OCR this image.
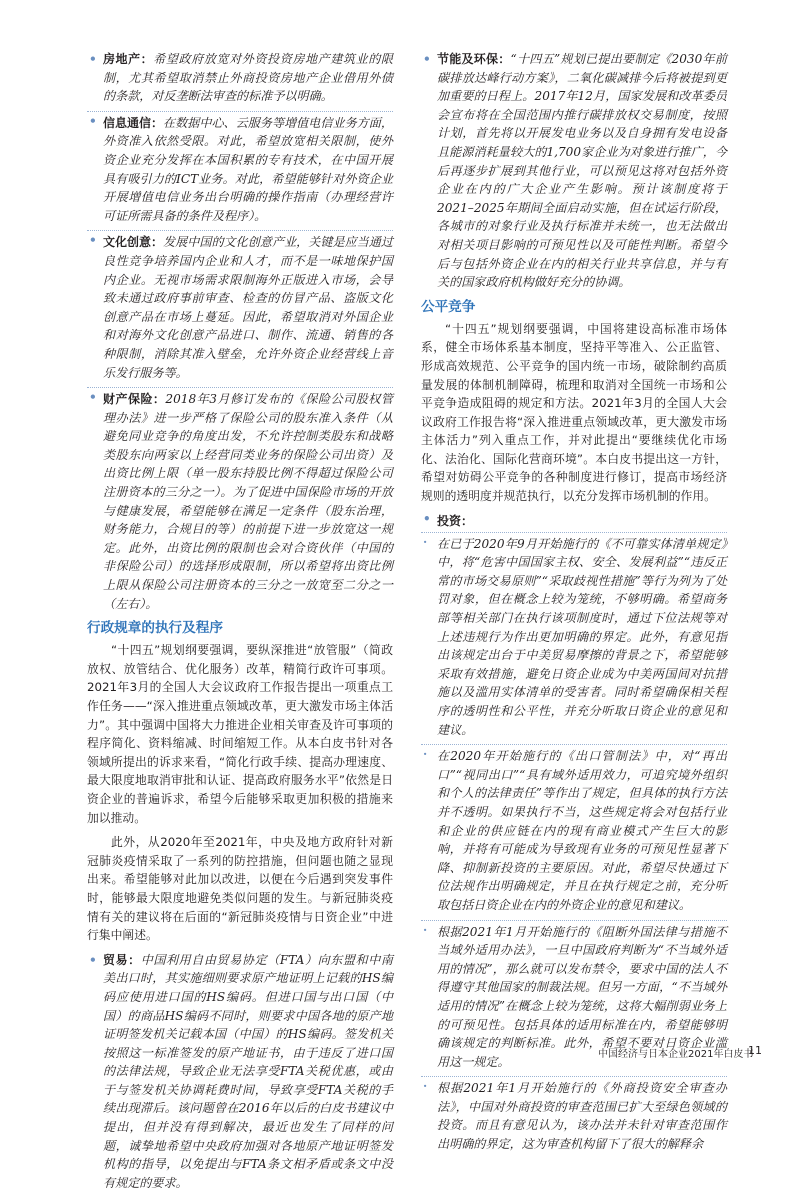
• 房地产：希望政府放宽对外资投资房地产建筑业的限制，尤其希望取消禁止外商投资房地产企业借用外债的条款，对反垄断法审查的标准予以明确。
• 信息通信：在数据中心、云服务等增值电信业务方面，外资准入依然受限。对此，希望放宽相关限制，使外资企业充分发挥在本国积累的专有技术，在中国开展具有吸引力的ICT业务。对此，希望能够针对外资企业开展增值电信业务出台明确的操作指南（办理经营许可证所需具备的条件及程序）。
• 文化创意：发展中国的文化创意产业，关键是应当通过良性竞争培养国内企业和人才，而不是一味地保护国内企业。无视市场需求限制海外正版进入市场，会导致未通过政府事前审查、检查的仿冒产品、盗版文化创意产品在市场上蔓延。因此，希望取消对外国企业和对海外文化创意产品进口、制作、流通、销售的各种限制，消除其准入壁垒，允许外资企业经营线上音乐发行服务等。
• 财产保险：2018年3月修订发布的《保险公司股权管理办法》进一步严格了保险公司的股东准入条件（从避免同业竞争的角度出发，不允许控制类股东和战略类股东向两家以上经营同类业务的保险公司出资）及出资比例上限（单一股东持股比例不得超过保险公司注册资本的三分之一）。为了促进中国保险市场的开放与健康发展，希望能够在满足一定条件（股东治理，财务能力，合规目的等）的前提下进一步放宽这一规定。此外，出资比例的限制也会对合资伙伴（中国的非保险公司）的选择形成限制，所以希望将出资比例上限从保险公司注册资本的三分之一放宽至二分之一（左右）。
行政规章的执行及程序

“十四五”规划纲要强调，要纵深推进“放管服”（简政放权、放管结合、优化服务）改革，精简行政许可事项。2021年3月的全国人大会议政府工作报告提出一项重点工作任务——“深入推进重点领域改革，更大激发市场主体活力”。其中强调中国将大力推进企业相关审查及许可事项的程序简化、资料缩减、时间缩短工作。从本白皮书针对各领域所提出的诉求来看，“简化行政手续、提高办理速度、最大限度地取消审批和认证、提高政府服务水平”依然是日资企业的普遍诉求，希望今后能够采取更加积极的措施来加以推动。

此外，从2020年至2021年，中央及地方政府针对新冠肺炎疫情采取了一系列的防控措施，但问题也随之显现出来。希望能够对此加以改进，以便在今后遇到突发事件时，能够最大限度地避免类似问题的发生。与新冠肺炎疫情有关的建议将在后面的“新冠肺炎疫情与日资企业”中进行集中阐述。

• 贸易：中国利用自由贸易协定（FTA）向东盟和中南美出口时，其实施细则要求原产地证明上记载的HS编码应使用进口国的HS编码。但进口国与出口国（中国）的商品HS编码不同时，则要求中国各地的原产地证明签发机关记载本国（中国）的HS编码。签发机关按照这一标准签发的原产地证书，由于违反了进口国的法律法规，导致企业无法享受FTA关税优惠，或由于与签发机关协调耗费时间，导致享受FTA关税的手续出现滞后。该问题曾在2016年以后的白皮书建议中提出，但并没有得到解决，最近也发生了同样的问题，诚挚地希望中央政府加强对各地原产地证明签发机构的指导，以免提出与FTA条文相矛盾或条文中没有规定的要求。
• 节能及环保：“十四五”规划已提出要制定《2030年前碳排放达峰行动方案》，二氧化碳减排今后将被提到更加重要的日程上。2017年12月，国家发展和改革委员会宣布将在全国范围内推行碳排放权交易制度，按照计划，首先将以开展发电业务以及自身拥有发电设备且能源消耗量较大的1,700家企业为对象进行推广，今后再逐步扩展到其他行业，可以预见这将对包括外资企业在内的广大企业产生影响。预计该制度将于2021–2025年期间全面启动实施，但在试运行阶段，各城市的对象行业及执行标准并未统一，也无法做出对相关项目影响的可预见性以及可能性判断。希望今后与包括外资企业在内的相关行业共享信息，并与有关的国家政府机构做好充分的协调。
公平竞争

“十四五”规划纲要强调，中国将建设高标准市场体系，健全市场体系基本制度，坚持平等准入、公正监管、形成高效规范、公平竞争的国内统一市场，破除制约高质量发展的体制机制障碍，梳理和取消对全国统一市场和公平竞争造成阻碍的规定和方法。2021年3月的全国人大会议政府工作报告将“深入推进重点领域改革，更大激发市场主体活力”列入重点工作，并对此提出“要继续优化市场化、法治化、国际化营商环境”。本白皮书提出这一方针，希望对妨碍公平竞争的各种制度进行修订，提高市场经济规则的透明度并规范执行，以充分发挥市场机制的作用。

• 投资：
· 在已于2020年9月开始施行的《不可靠实体清单规定》中，将“危害中国国家主权、安全、发展利益”“违反正常的市场交易原则”“采取歧视性措施”等行为列为了处罚对象，但在概念上较为笼统，不够明确。希望商务部等相关部门在执行该项制度时，通过下位法规等对上述违规行为作出更加明确的界定。此外，有意见指出该规定出台于中美贸易摩擦的背景之下，希望能够采取有效措施，避免日资企业成为中美两国间对抗措施以及滥用实体清单的受害者。同时希望确保相关程序的透明性和公平性，并充分听取日资企业的意见和建议。
· 在2020年开始施行的《出口管制法》中，对“再出口”“视同出口”“具有域外适用效力，可追究境外组织和个人的法律责任”等作出了规定，但具体的执行方法并不透明。如果执行不当，这些规定将会对包括行业和企业的供应链在内的现有商业模式产生巨大的影响，并将有可能成为导致现有业务的可预见性显著下降、抑制新投资的主要原因。对此，希望尽快通过下位法规作出明确规定，并且在执行规定之前，充分听取包括日资企业在内的外资企业的意见和建议。
· 根据2021年1月开始施行的《阻断外国法律与措施不当域外适用办法》，一旦中国政府判断为“不当域外适用的情况”，那么就可以发布禁令，要求中国的法人不得遵守其他国家的制裁法规。但另一方面，“不当域外适用的情况”在概念上较为笼统，这将大幅削弱业务上的可预见性。包括具体的适用标准在内，希望能够明确该规定的判断标准。此外，希望不要对日资企业滥用这一规定。
· 根据2021年1月开始施行的《外商投资安全审查办法》，中国对外商投资的审查范围已扩大至绿色领域的投资。而且有意见认为，该办法并未针对审查范围作出明确的界定，这为审查机构留下了很大的解释余
中国经济与日本企业2021年白皮书
11
